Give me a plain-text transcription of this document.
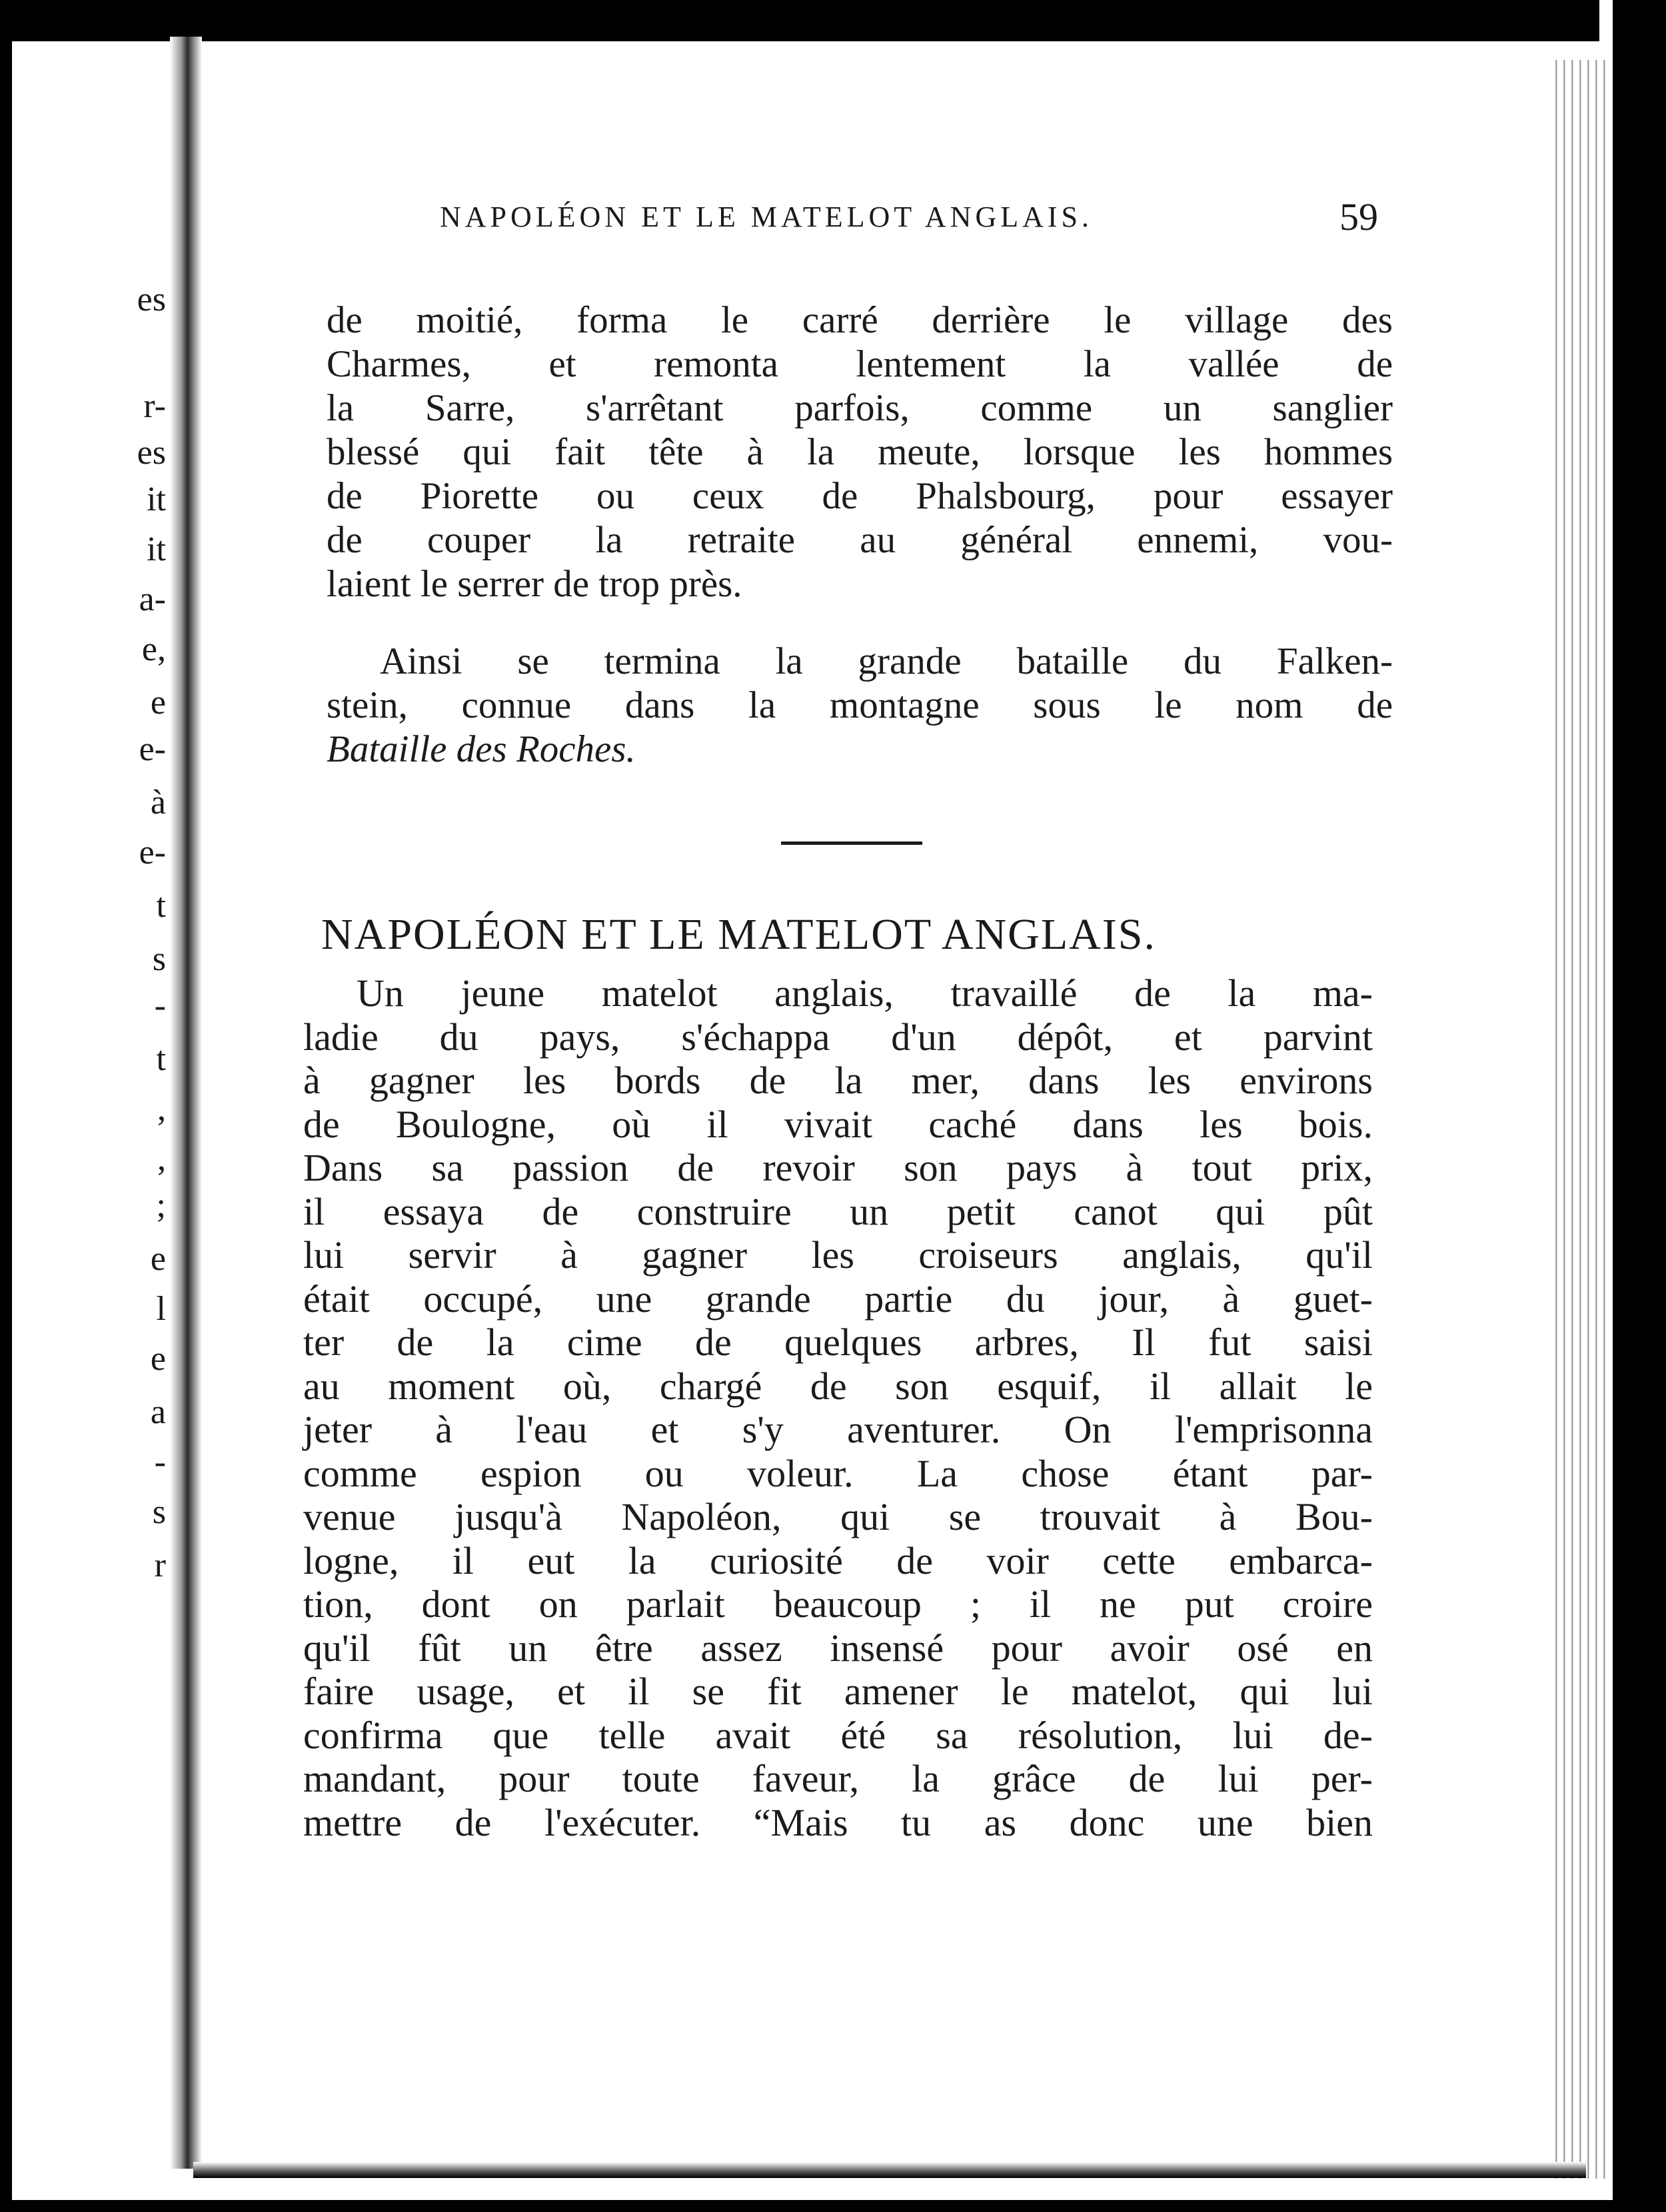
es
r-
es
it
it
a-
e,
e
e-
à
e-
t
s
-
t
,
,
;
e
l
e
a
-
s
r
NAPOLÉON ET LE MATELOT ANGLAIS.	59
de moitié, forma le carré derrière le village des
Charmes, et remonta lentement la vallée de
la Sarre, s'arrêtant parfois, comme un sanglier
blessé qui fait tête à la meute, lorsque les hommes
de Piorette ou ceux de Phalsbourg, pour essayer
de couper la retraite au général ennemi, vou-
laient le serrer de trop près.
Ainsi se termina la grande bataille du Falken-
stein, connue dans la montagne sous le nom de
Bataille des Roches.
NAPOLÉON ET LE MATELOT ANGLAIS.
Un jeune matelot anglais, travaillé de la ma-
ladie du pays, s'échappa d'un dépôt, et parvint
à gagner les bords de la mer, dans les environs
de Boulogne, où il vivait caché dans les bois.
Dans sa passion de revoir son pays à tout prix,
il essaya de construire un petit canot qui pût
lui servir à gagner les croiseurs anglais, qu'il
était occupé, une grande partie du jour, à guet-
ter de la cime de quelques arbres, Il fut saisi
au moment où, chargé de son esquif, il allait le
jeter à l'eau et s'y aventurer. On l'emprisonna
comme espion ou voleur. La chose étant par-
venue jusqu'à Napoléon, qui se trouvait à Bou-
logne, il eut la curiosité de voir cette embarca-
tion, dont on parlait beaucoup ; il ne put croire
qu'il fût un être assez insensé pour avoir osé en
faire usage, et il se fit amener le matelot, qui lui
confirma que telle avait été sa résolution, lui de-
mandant, pour toute faveur, la grâce de lui per-
mettre de l'exécuter. “Mais tu as donc une bien
